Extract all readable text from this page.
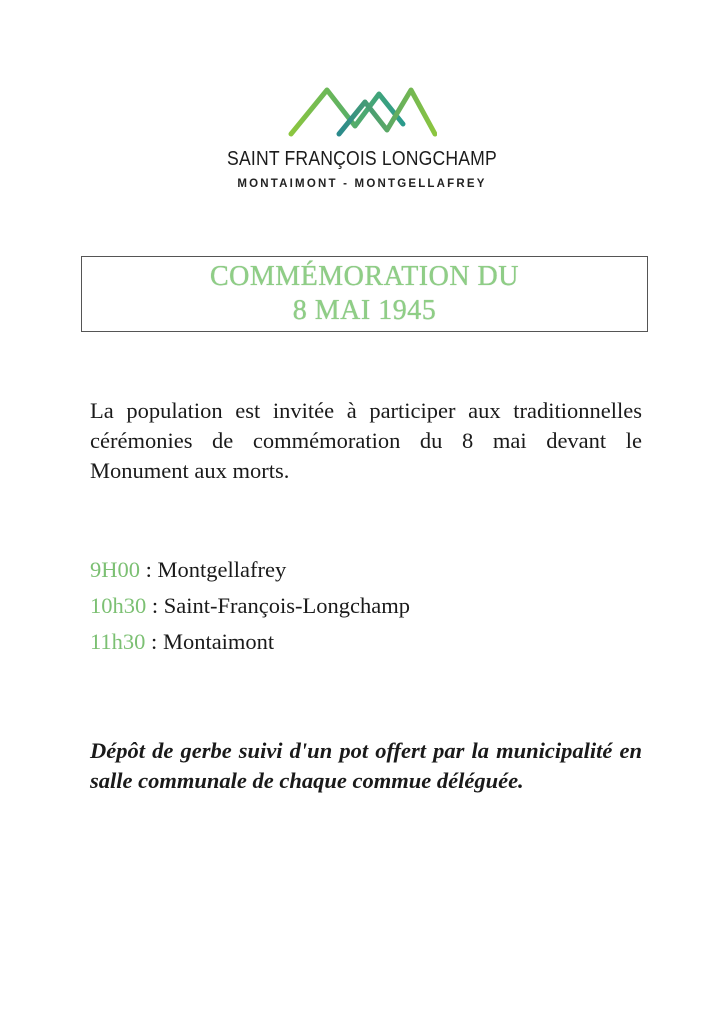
SAINT FRANÇOIS LONGCHAMP
MONTAIMONT - MONTGELLAFREY
COMMÉMORATION DU
8 MAI 1945
La population est invitée à participer aux traditionnelles cérémonies de commémoration du 8 mai devant le Monument aux morts.
9H00 : Montgellafrey
10h30 : Saint-François-Longchamp
11h30 : Montaimont
Dépôt de gerbe suivi d'un pot offert par la municipalité en salle communale de chaque commue déléguée.
